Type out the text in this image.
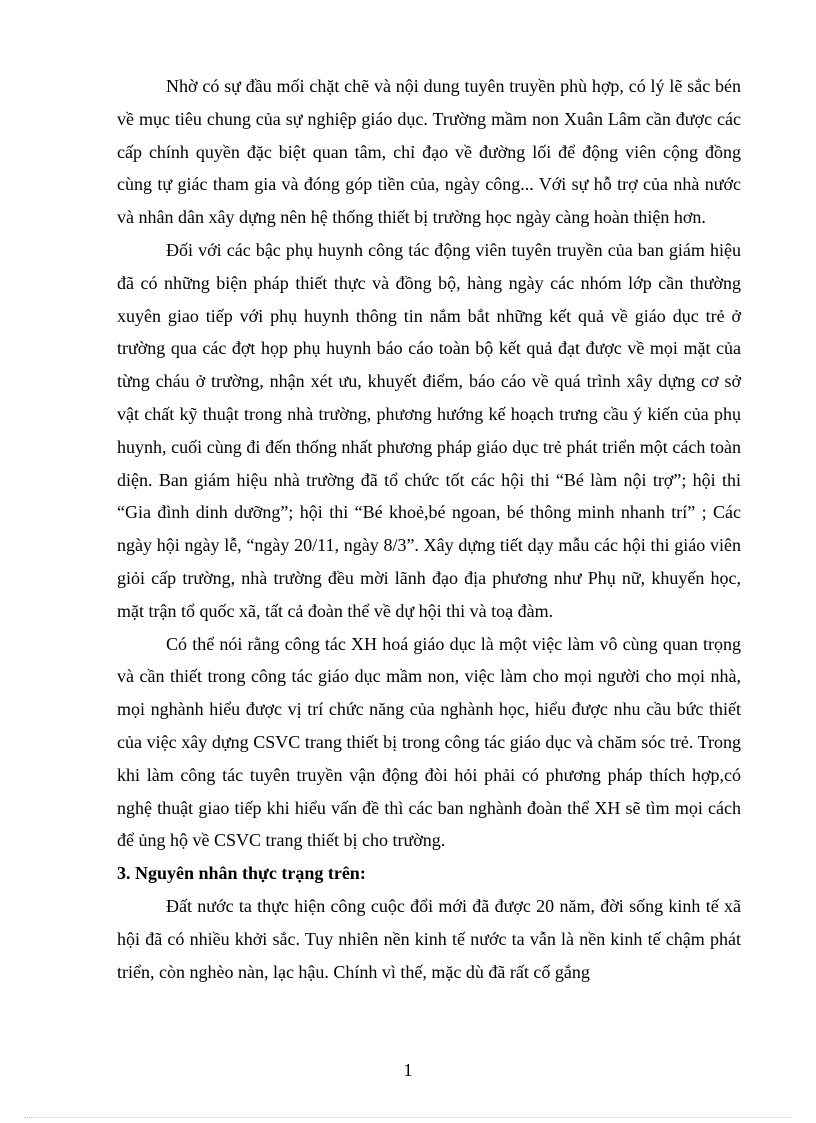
Nhờ có sự đầu mối chặt chẽ và nội dung tuyên truyền phù hợp, có lý lẽ sắc bén về mục tiêu chung của sự nghiệp giáo dục. Trường mầm non Xuân Lâm cần được các cấp chính quyền đặc biệt quan tâm, chỉ đạo về đường lối để động viên cộng đồng cùng tự giác tham gia và đóng góp tiền của, ngày công... Với sự hỗ trợ của nhà nước và nhân dân xây dựng nên hệ thống thiết bị trường học ngày càng hoàn thiện hơn.

Đối với các bậc phụ huynh công tác động viên tuyên truyền của ban giám hiệu đã có những biện pháp thiết thực và đồng bộ, hàng ngày các nhóm lớp cần thường xuyên giao tiếp với phụ huynh thông tin nắm bắt những kết quả về giáo dục trẻ ở trường qua các đợt họp phụ huynh báo cáo toàn bộ kết quả đạt được về mọi mặt của từng cháu ở trường, nhận xét ưu, khuyết điểm, báo cáo về quá trình xây dựng cơ sở vật chất kỹ thuật trong nhà trường, phương hướng kế hoạch trưng cầu ý kiến của phụ huynh, cuối cùng đi đến thống nhất phương pháp giáo dục trẻ phát triển một cách toàn diện. Ban giám hiệu nhà trường đã tổ chức tốt các hội thi “Bé làm nội trợ”; hội thi “Gia đình dinh dưỡng”; hội thi “Bé khoẻ,bé ngoan, bé thông minh nhanh trí” ; Các ngày hội ngày lễ, “ngày 20/11, ngày 8/3”. Xây dựng tiết dạy mẫu các hội thi giáo viên giỏi cấp trường, nhà trường đều mời lãnh đạo địa phương như Phụ nữ, khuyến học, mặt trận tổ quốc xã, tất cả đoàn thể về dự hội thi và toạ đàm.

Có thể nói rằng công tác XH hoá giáo dục là một việc làm vô cùng quan trọng và cần thiết trong công tác giáo dục mầm non, việc làm cho mọi người cho mọi nhà, mọi nghành hiểu được vị trí chức năng của nghành học, hiểu được nhu cầu bức thiết của việc xây dựng CSVC trang thiết bị trong công tác giáo dục và chăm sóc trẻ. Trong khi làm công tác tuyên truyền vận động đòi hỏi phải có phương pháp thích hợp,có nghệ thuật giao tiếp khi hiểu vấn đề thì các ban nghành đoàn thể XH sẽ tìm mọi cách để ủng hộ về CSVC trang thiết bị cho trường.

3. Nguyên nhân thực trạng trên:

Đất nước ta thực hiện công cuộc đổi mới đã được 20 năm, đời sống kinh tế xã hội đã có nhiều khởi sắc. Tuy nhiên nền kinh tế nước ta vẫn là nền kinh tế chậm phát triển, còn nghèo nàn, lạc hậu. Chính vì thế, mặc dù đã rất cố gắng

1
